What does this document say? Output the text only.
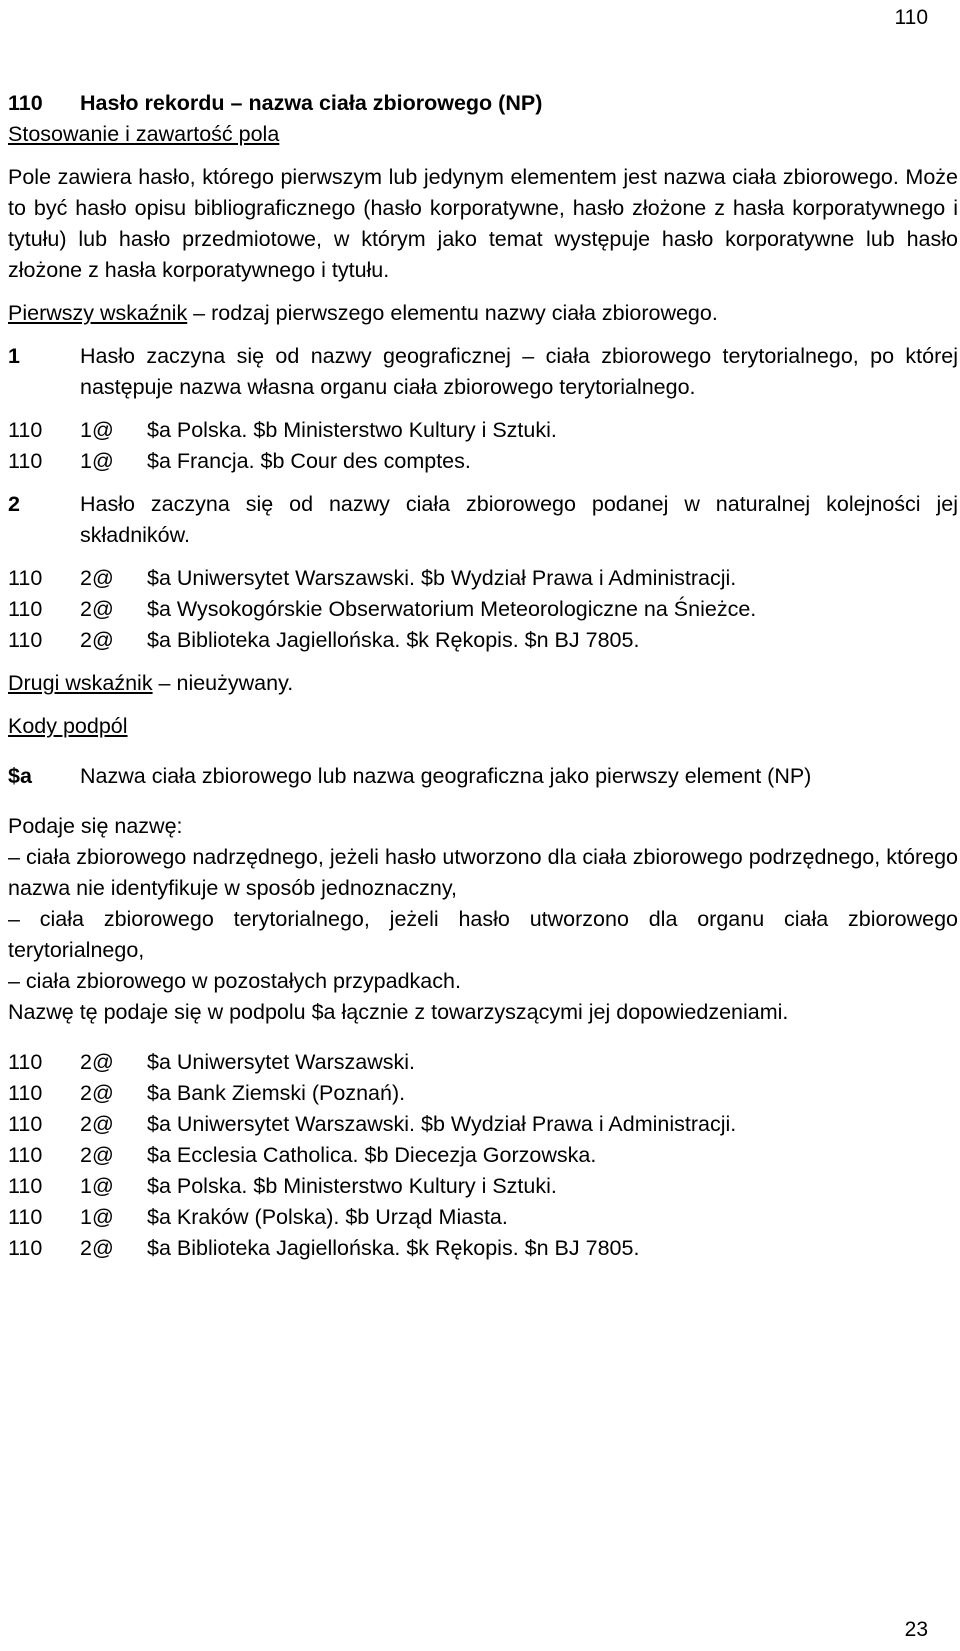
110

110	Hasło rekordu – nazwa ciała zbiorowego (NP)

Stosowanie i zawartość pola

Pole zawiera hasło, którego pierwszym lub jedynym elementem jest nazwa ciała zbiorowego. Może to być hasło opisu bibliograficznego (hasło korporatywne, hasło złożone z hasła korporatywnego i tytułu) lub hasło przedmiotowe, w którym jako temat występuje hasło korporatywne lub hasło złożone z hasła korporatywnego i tytułu.

Pierwszy wskaźnik – rodzaj pierwszego elementu nazwy ciała zbiorowego.

1	Hasło zaczyna się od nazwy geograficznej – ciała zbiorowego terytorialnego, po której następuje nazwa własna organu ciała zbiorowego terytorialnego.
110	1@	$a Polska. $b Ministerstwo Kultury i Sztuki.
110	1@	$a Francja. $b Cour des comptes.
2	Hasło zaczyna się od nazwy ciała zbiorowego podanej w naturalnej kolejności jej składników.
110	2@	$a Uniwersytet Warszawski. $b Wydział Prawa i Administracji.
110	2@	$a Wysokogórskie Obserwatorium Meteorologiczne na Śnieżce.
110	2@	$a Biblioteka Jagiellońska. $k Rękopis. $n BJ 7805.

Drugi wskaźnik – nieużywany.

Kody podpól

$a	Nazwa ciała zbiorowego lub nazwa geograficzna jako pierwszy element (NP)

Podaje się nazwę:

– ciała zbiorowego nadrzędnego, jeżeli hasło utworzono dla ciała zbiorowego podrzędnego, którego nazwa nie identyfikuje w sposób jednoznaczny,

– ciała zbiorowego terytorialnego, jeżeli hasło utworzono dla organu ciała zbiorowego terytorialnego,

– ciała zbiorowego w pozostałych przypadkach.

Nazwę tę podaje się w podpolu $a łącznie z towarzyszącymi jej dopowiedzeniami.

110	2@	$a Uniwersytet Warszawski.
110	2@	$a Bank Ziemski (Poznań).
110	2@	$a Uniwersytet Warszawski. $b Wydział Prawa i Administracji.
110	2@	$a Ecclesia Catholica. $b Diecezja Gorzowska.
110	1@	$a Polska. $b Ministerstwo Kultury i Sztuki.
110	1@	$a Kraków (Polska). $b Urząd Miasta.
110	2@	$a Biblioteka Jagiellońska. $k Rękopis. $n BJ 7805.
23
